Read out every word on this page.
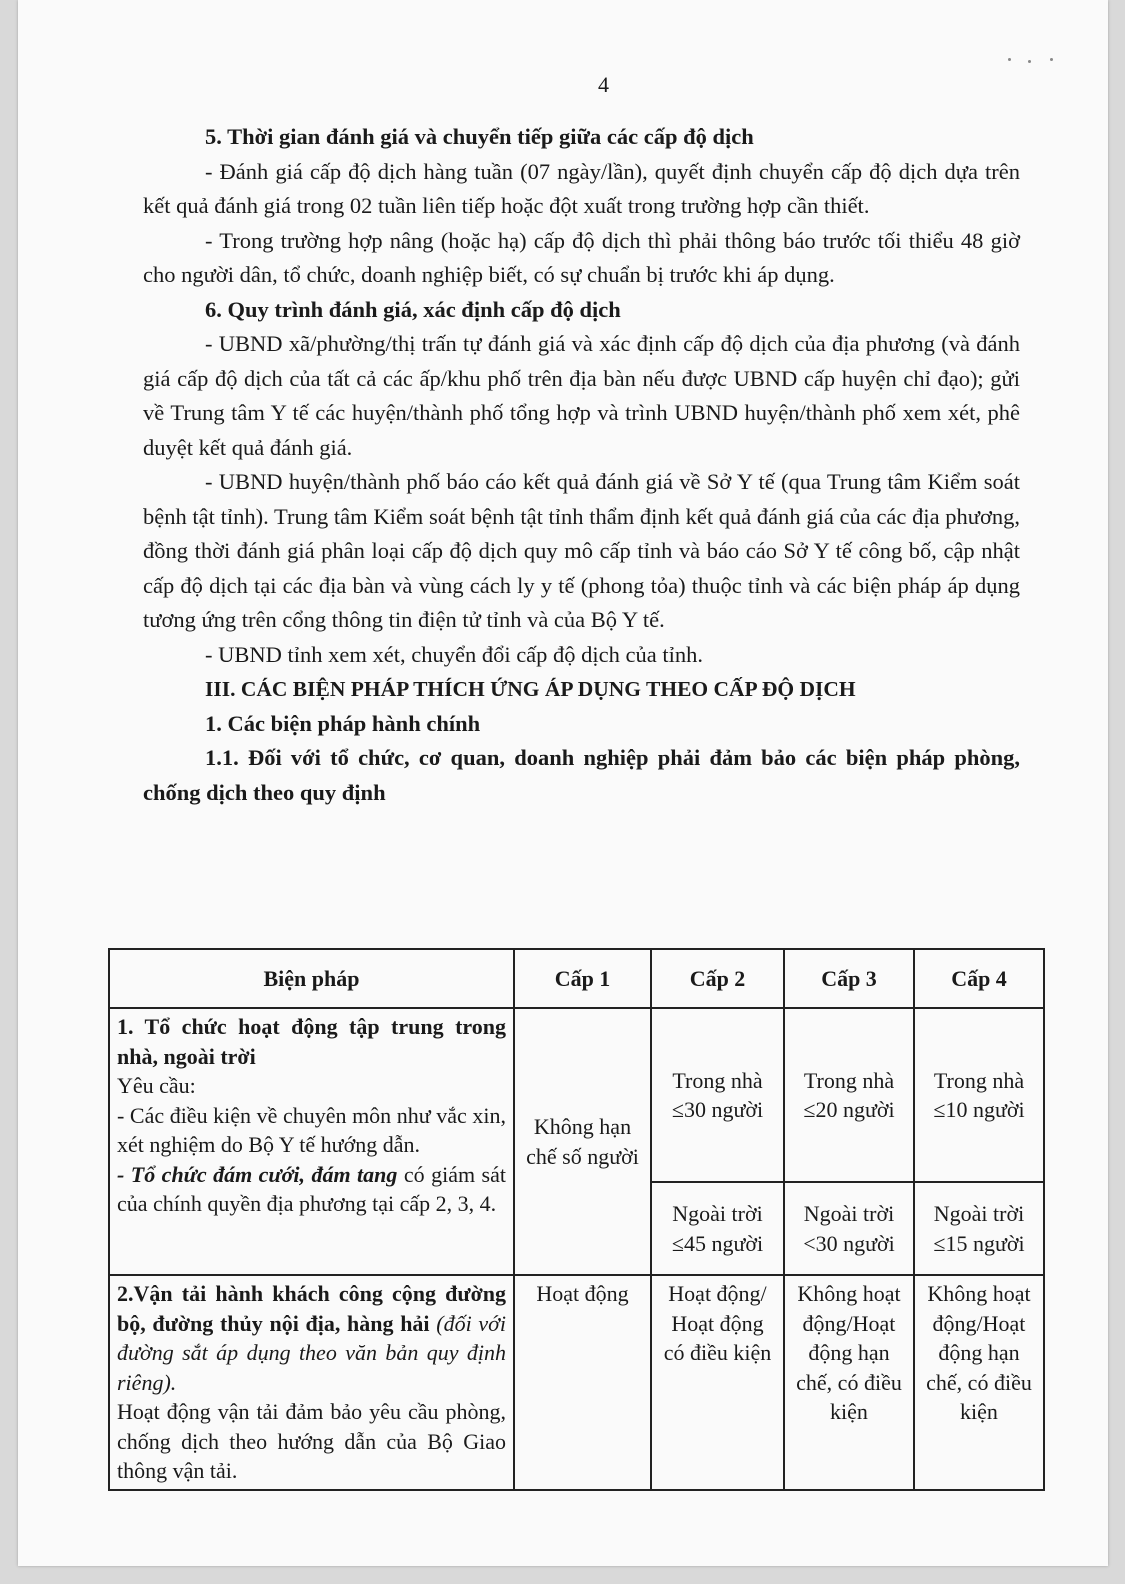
4

5. Thời gian đánh giá và chuyển tiếp giữa các cấp độ dịch

- Đánh giá cấp độ dịch hàng tuần (07 ngày/lần), quyết định chuyển cấp độ dịch dựa trên kết quả đánh giá trong 02 tuần liên tiếp hoặc đột xuất trong trường hợp cần thiết.

- Trong trường hợp nâng (hoặc hạ) cấp độ dịch thì phải thông báo trước tối thiểu 48 giờ cho người dân, tổ chức, doanh nghiệp biết, có sự chuẩn bị trước khi áp dụng.

6. Quy trình đánh giá, xác định cấp độ dịch

- UBND xã/phường/thị trấn tự đánh giá và xác định cấp độ dịch của địa phương (và đánh giá cấp độ dịch của tất cả các ấp/khu phố trên địa bàn nếu được UBND cấp huyện chỉ đạo); gửi về Trung tâm Y tế các huyện/thành phố tổng hợp và trình UBND huyện/thành phố xem xét, phê duyệt kết quả đánh giá.

- UBND huyện/thành phố báo cáo kết quả đánh giá về Sở Y tế (qua Trung tâm Kiểm soát bệnh tật tỉnh). Trung tâm Kiểm soát bệnh tật tỉnh thẩm định kết quả đánh giá của các địa phương, đồng thời đánh giá phân loại cấp độ dịch quy mô cấp tỉnh và báo cáo Sở Y tế công bố, cập nhật cấp độ dịch tại các địa bàn và vùng cách ly y tế (phong tỏa) thuộc tỉnh và các biện pháp áp dụng tương ứng trên cổng thông tin điện tử tỉnh và của Bộ Y tế.

- UBND tỉnh xem xét, chuyển đổi cấp độ dịch của tỉnh.

III. CÁC BIỆN PHÁP THÍCH ỨNG ÁP DỤNG THEO CẤP ĐỘ DỊCH

1. Các biện pháp hành chính

1.1. Đối với tổ chức, cơ quan, doanh nghiệp phải đảm bảo các biện pháp phòng, chống dịch theo quy định

Biện pháp	Cấp 1	Cấp 2	Cấp 3	Cấp 4
1. Tổ chức hoạt động tập trung trong nhà, ngoài trời
Yêu cầu:
- Các điều kiện về chuyên môn như vắc xin, xét nghiệm do Bộ Y tế hướng dẫn.
- Tổ chức đám cưới, đám tang có giám sát của chính quyền địa phương tại cấp 2, 3, 4.	Không hạn chế số người	Trong nhà ≤30 người	Trong nhà ≤20 người	Trong nhà ≤10 người
		Ngoài trời ≤45 người	Ngoài trời <30 người	Ngoài trời ≤15 người
2.Vận tải hành khách công cộng đường bộ, đường thủy nội địa, hàng hải (đối với đường sắt áp dụng theo văn bản quy định riêng).
Hoạt động vận tải đảm bảo yêu cầu phòng, chống dịch theo hướng dẫn của Bộ Giao thông vận tải.	Hoạt động	Hoạt động/ Hoạt động có điều kiện	Không hoạt động/Hoạt động hạn chế, có điều kiện	Không hoạt động/Hoạt động hạn chế, có điều kiện
